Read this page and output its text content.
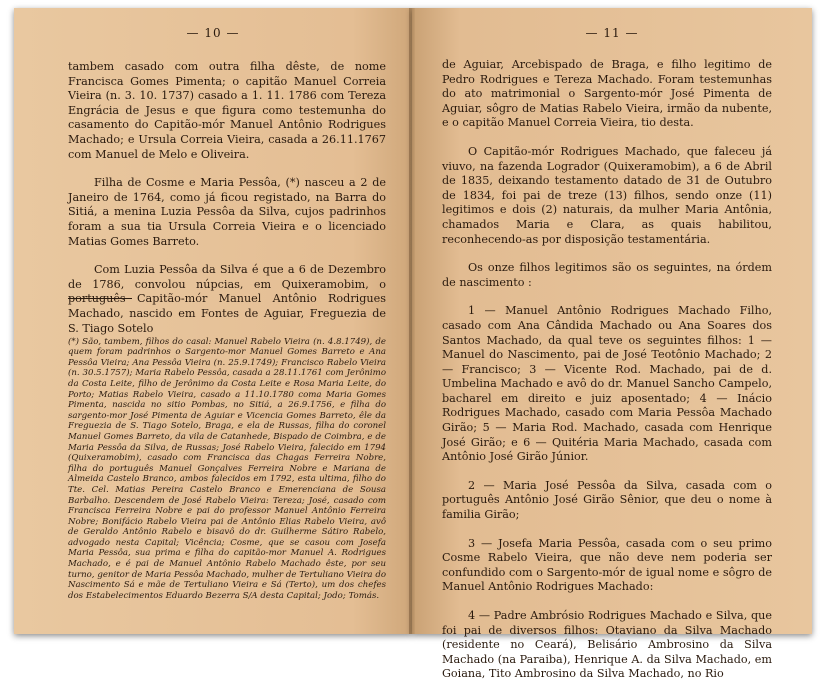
— 10 —

tambem casado com outra filha dêste, de nome Francisca Gomes Pimenta; o capitão Manuel Correia Vieira (n. 3. 10. 1737) casado a 1. 11. 1786 com Tereza Engrácia de Jesus e que figura como testemunha do casamento do Capitão-mór Manuel Antônio Rodrigues Machado; e Ursula Correia Vieira, casada a 26.11.1767 com Manuel de Melo e Oliveira.

Filha de Cosme e Maria Pessôa, (*) nasceu a 2 de Janeiro de 1764, como já ficou registado, na Barra do Sitiá, a menina Luzia Pessôa da Silva, cujos padrinhos foram a sua tia Ursula Correia Vieira e o licenciado Matias Gomes Barreto.

Com Luzia Pessôa da Silva é que a 6 de Dezembro de 1786, convolou núpcias, em Quixeramobim, o português Capitão-mór Manuel Antônio Rodrigues Machado, nascido em Fontes de Aguiar, Freguezia de S. Tiago Sotelo

(*) São, tambem, filhos do casal: Manuel Rabelo Vieira (n. 4.8.1749), de quem foram padrinhos o Sargento-mor Manuel Gomes Barreto e Ana Pessôa Vieira; Ana Pessôa Vieira (n. 25.9.1749); Francisco Rabelo Vieira (n. 30.5.1757); Maria Rabelo Pessôa, casada a 28.11.1761 com Jerônimo da Costa Leite, filho de Jerônimo da Costa Leite e Rosa Maria Leite, do Porto; Matias Rabelo Vieira, casado a 11.10.1780 coma Maria Gomes Pimenta, nascida no sitio Pombas, no Sitiá, a 26.9.1756, e filha do sargento-mor José Pimenta de Aguiar e Vicencia Gomes Barreto, êle da Freguezia de S. Tiago Sotelo, Braga, e ela de Russas, filha do coronel Manuel Gomes Barreto, da vila de Catanhede, Bispado de Coimbra, e de Maria Pessôa da Silva, de Russas; José Rabelo Vieira, falecido em 1794 (Quixeramobim), casado com Francisca das Chagas Ferreira Nobre, filha do português Manuel Gonçalves Ferreira Nobre e Mariana de Almeida Castelo Branco, ambos falecidos em 1792, esta ultima, filho do Tte. Cel. Matias Pereira Castelo Branco e Emerenciana de Sousa Barbalho. Descendem de José Rabelo Vieira: Tereza; José, casado com Francisca Ferreira Nobre e pai do professor Manuel Antônio Ferreira Nobre; Bonifácio Rabelo Vieira pai de Antônio Elias Rabelo Vieira, avô de Geraldo Antônio Rabelo e bisavô do dr. Guilherme Sátiro Rabelo, advogado nesta Capital; Vicência; Cosme, que se casou com Josefa Maria Pessôa, sua prima e filha do capitão-mor Manuel A. Rodrigues Machado, e é pai de Manuel Antônio Rabelo Machado êste, por seu turno, genitor de Maria Pessôa Machado, mulher de Tertuliano Vieira do Nascimento Sá e mãe de Tertuliano Vieira e Sá (Terto), um dos chefes dos Estabelecimentos Eduardo Bezerra S/A desta Capital; Jodo; Tomás.

— 11 —

de Aguiar, Arcebispado de Braga, e filho legitimo de Pedro Rodrigues e Tereza Machado. Foram testemunhas do ato matrimonial o Sargento-mór José Pimenta de Aguiar, sôgro de Matias Rabelo Vieira, irmão da nubente, e o capitão Manuel Correia Vieira, tio desta.

O Capitão-mór Rodrigues Machado, que faleceu já viuvo, na fazenda Logrador (Quixeramobim), a 6 de Abril de 1835, deixando testamento datado de 31 de Outubro de 1834, foi pai de treze (13) filhos, sendo onze (11) legitimos e dois (2) naturais, da mulher Maria Antônia, chamados Maria e Clara, as quais habilitou, reconhecendo-as por disposição testamentária.

Os onze filhos legitimos são os seguintes, na órdem de nascimento :

1 — Manuel Antônio Rodrigues Machado Filho, casado com Ana Cândida Machado ou Ana Soares dos Santos Machado, da qual teve os seguintes filhos: 1 — Manuel do Nascimento, pai de José Teotônio Machado; 2 — Francisco; 3 — Vicente Rod. Machado, pai de d. Umbelina Machado e avô do dr. Manuel Sancho Campelo, bacharel em direito e juiz aposentado; 4 — Inácio Rodrigues Machado, casado com Maria Pessôa Machado Girão; 5 — Maria Rod. Machado, casada com Henrique José Girão; e 6 — Quitéria Maria Machado, casada com Antônio José Girão Júnior.

2 — Maria José Pessôa da Silva, casada com o português Antônio José Girão Sênior, que deu o nome à familia Girão;

3 — Josefa Maria Pessôa, casada com o seu primo Cosme Rabelo Vieira, que não deve nem poderia ser confundido com o Sargento-mór de igual nome e sôgro de Manuel Antônio Rodrigues Machado:

4 — Padre Ambrósio Rodrigues Machado e Silva, que foi pai de diversos filhos: Otaviano da Silva Machado (residente no Ceará), Belisário Ambrosino da Silva Machado (na Paraiba), Henrique A. da Silva Machado, em Goiana, Tito Ambrosino da Silva Machado, no Rio
